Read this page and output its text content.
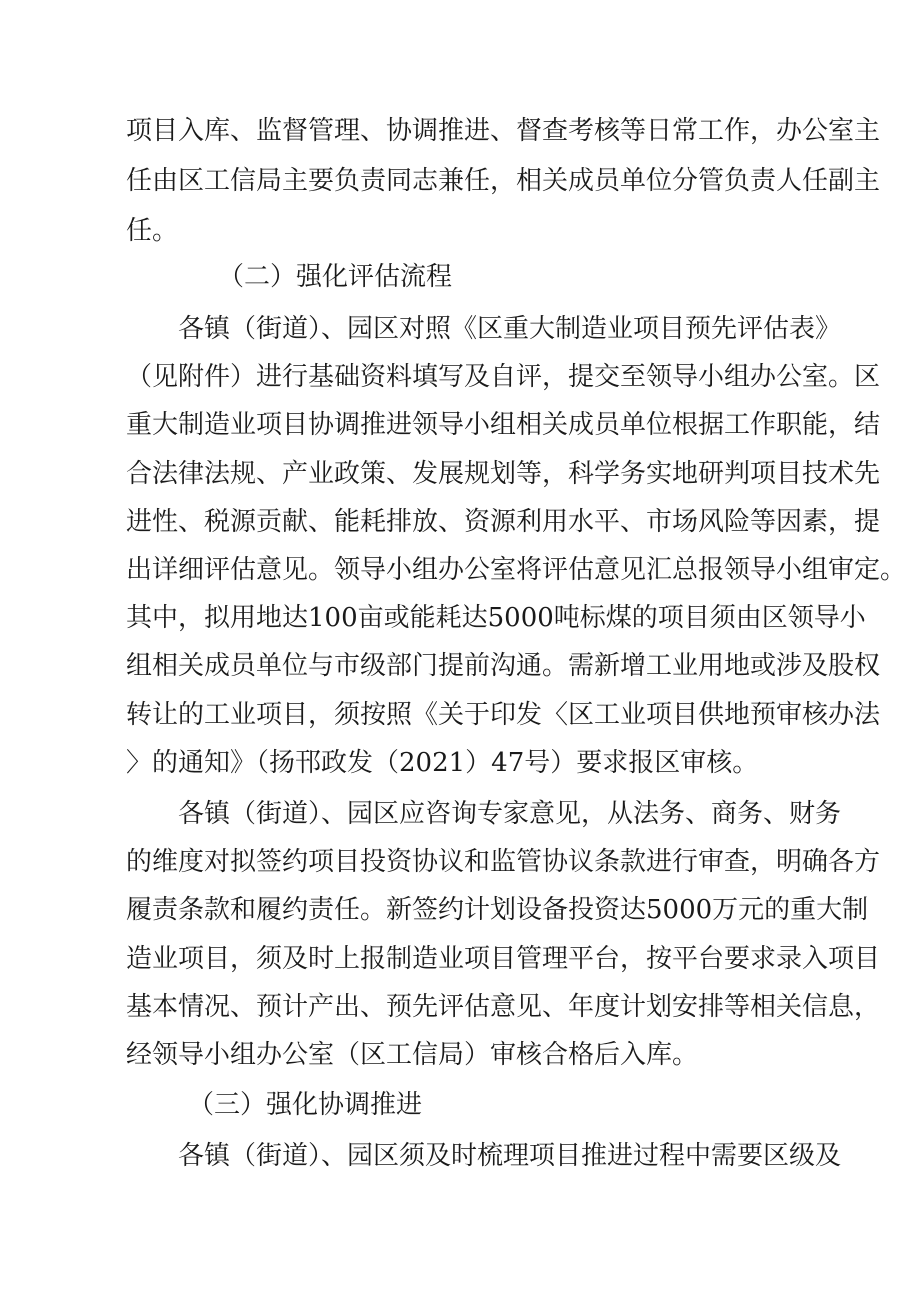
项目入库、监督管理、协调推进、督查考核等日常工作，办公室主
任由区工信局主要负责同志兼任，相关成员单位分管负责人任副主
任。
（二）强化评估流程
各镇（街道）、园区对照《区重大制造业项目预先评估表》
（见附件）进行基础资料填写及自评，提交至领导小组办公室。区
重大制造业项目协调推进领导小组相关成员单位根据工作职能，结
合法律法规、产业政策、发展规划等，科学务实地研判项目技术先
进性、税源贡献、能耗排放、资源利用水平、市场风险等因素，提
出详细评估意见。领导小组办公室将评估意见汇总报领导小组审定。
其中，拟用地达100亩或能耗达5000吨标煤的项目须由区领导小
组相关成员单位与市级部门提前沟通。需新增工业用地或涉及股权
转让的工业项目，须按照《关于印发〈区工业项目供地预审核办法
〉的通知》（扬邗政发（2021）47号）要求报区审核。
各镇（街道）、园区应咨询专家意见，从法务、商务、财务
的维度对拟签约项目投资协议和监管协议条款进行审查，明确各方
履责条款和履约责任。新签约计划设备投资达5000万元的重大制
造业项目，须及时上报制造业项目管理平台，按平台要求录入项目
基本情况、预计产出、预先评估意见、年度计划安排等相关信息，
经领导小组办公室（区工信局）审核合格后入库。
（三）强化协调推进
各镇（街道）、园区须及时梳理项目推进过程中需要区级及
